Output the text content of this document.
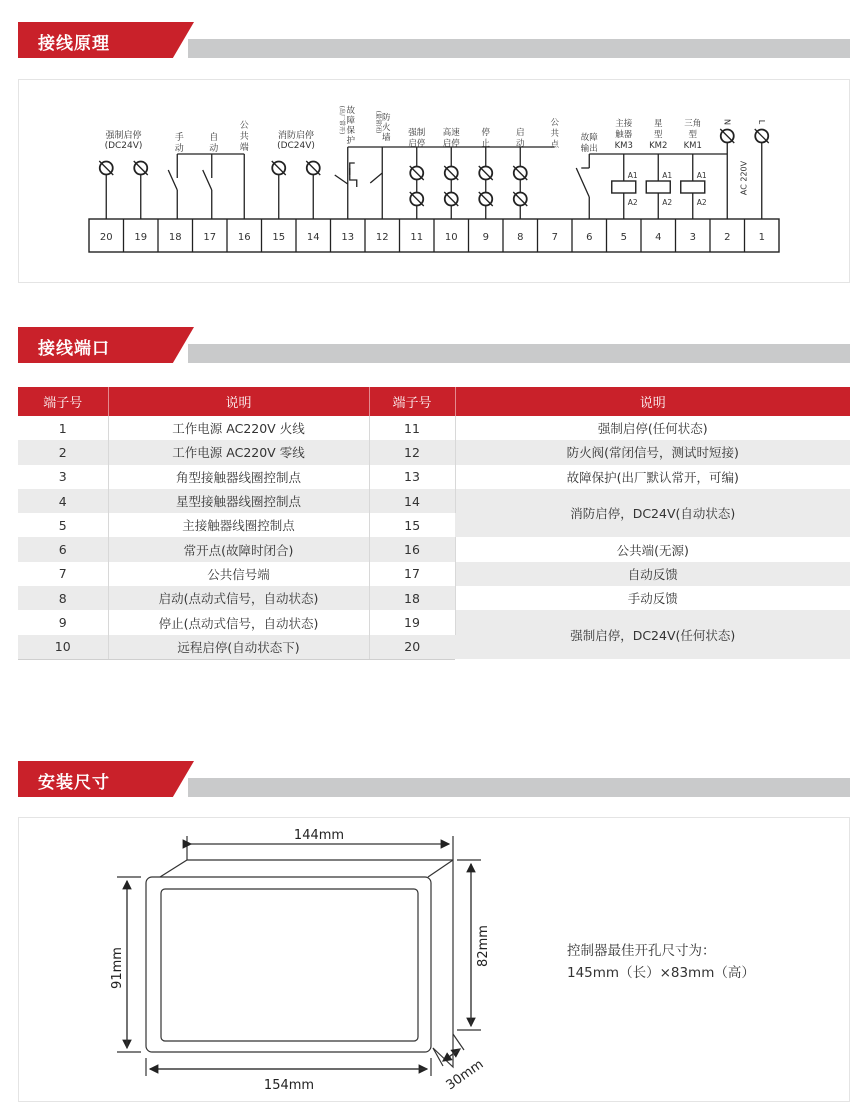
接线原理
20 19 18 17 16 15 14 13 12 11 10 9	8	7	6	5	4	3	2	1
强制启停
(DC24V)
手
动
自
动
公
共
端
消防启停
(DC24V)
故
障
保
护
(出厂常开)	防
火
墙
(最常闭)	强制
启停
高速
启停
停
止
启
动
公
共
点
故障
输出
A1
A2
A1
A2
A1
A2
主接
触器
KM3
星
型
KM2
三角
型
KM1
N	L
AC 220V
接线端口
端子号	说明	端子号	说明
1	工作电源 AC220V 火线	11	强制启停(任何状态)
2	工作电源 AC220V 零线	12	防火阀(常闭信号，测试时短接)
3	角型接触器线圈控制点	13	故障保护(出厂默认常开，可编)
4	星型接触器线圈控制点	14	消防启停，DC24V(自动状态)
5	主接触器线圈控制点	15	
6	常开点(故障时闭合)	16	公共端(无源)
7	公共信号端	17	自动反馈
8	启动(点动式信号，自动状态)	18	手动反馈
9	停止(点动式信号，自动状态)	19	强制启停，DC24V(任何状态)
10	远程启停(自动状态下)	20	
安装尺寸
144mm
154mm
91mm
82mm
30mm
控制器最佳开孔尺寸为：
145mm（长）×83mm（高）
